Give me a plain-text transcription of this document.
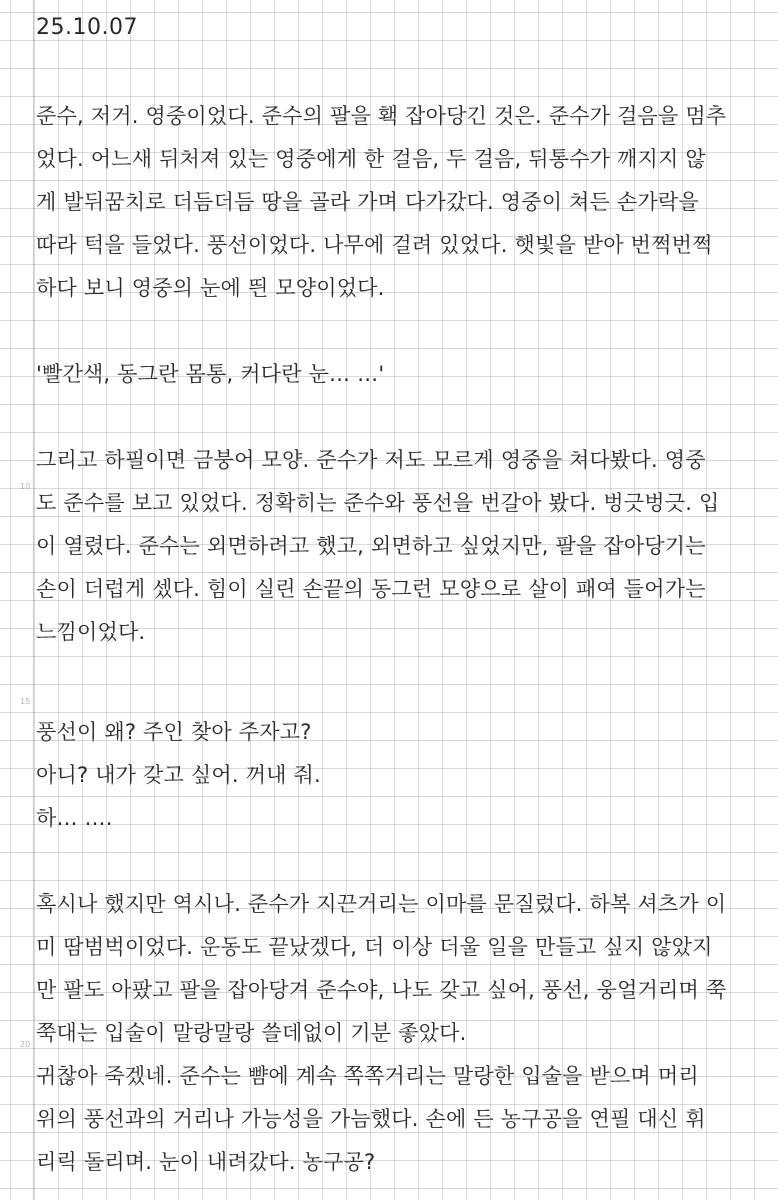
10
15
20
25.10.07
준수, 저거. 영중이었다. 준수의 팔을 홱 잡아당긴 것은. 준수가 걸음을 멈추
었다. 어느새 뒤처져 있는 영중에게 한 걸음, 두 걸음, 뒤통수가 깨지지 않
게 발뒤꿈치로 더듬더듬 땅을 골라 가며 다가갔다. 영중이 쳐든 손가락을
따라 턱을 들었다. 풍선이었다. 나무에 걸려 있었다. 햇빛을 받아 번쩍번쩍
하다 보니 영중의 눈에 띈 모양이었다.
'빨간색, 동그란 몸통, 커다란 눈… …'
그리고 하필이면 금붕어 모양. 준수가 저도 모르게 영중을 쳐다봤다. 영중
도 준수를 보고 있었다. 정확히는 준수와 풍선을 번갈아 봤다. 벙긋벙긋. 입
이 열렸다. 준수는 외면하려고 했고, 외면하고 싶었지만, 팔을 잡아당기는
손이 더럽게 셌다. 힘이 실린 손끝의 동그런 모양으로 살이 패여 들어가는
느낌이었다.
풍선이 왜? 주인 찾아 주자고?
아니? 내가 갖고 싶어. 꺼내 줘.
하… ….
혹시나 했지만 역시나. 준수가 지끈거리는 이마를 문질렀다. 하복 셔츠가 이
미 땀범벅이었다. 운동도 끝났겠다, 더 이상 더울 일을 만들고 싶지 않았지
만 팔도 아팠고 팔을 잡아당겨 준수야, 나도 갖고 싶어, 풍선, 웅얼거리며 쭉
쭉대는 입술이 말랑말랑 쓸데없이 기분 좋았다.
귀찮아 죽겠네. 준수는 뺨에 계속 쪽쪽거리는 말랑한 입술을 받으며 머리
위의 풍선과의 거리나 가능성을 가늠했다. 손에 든 농구공을 연필 대신 휘
리릭 돌리며. 눈이 내려갔다. 농구공?
